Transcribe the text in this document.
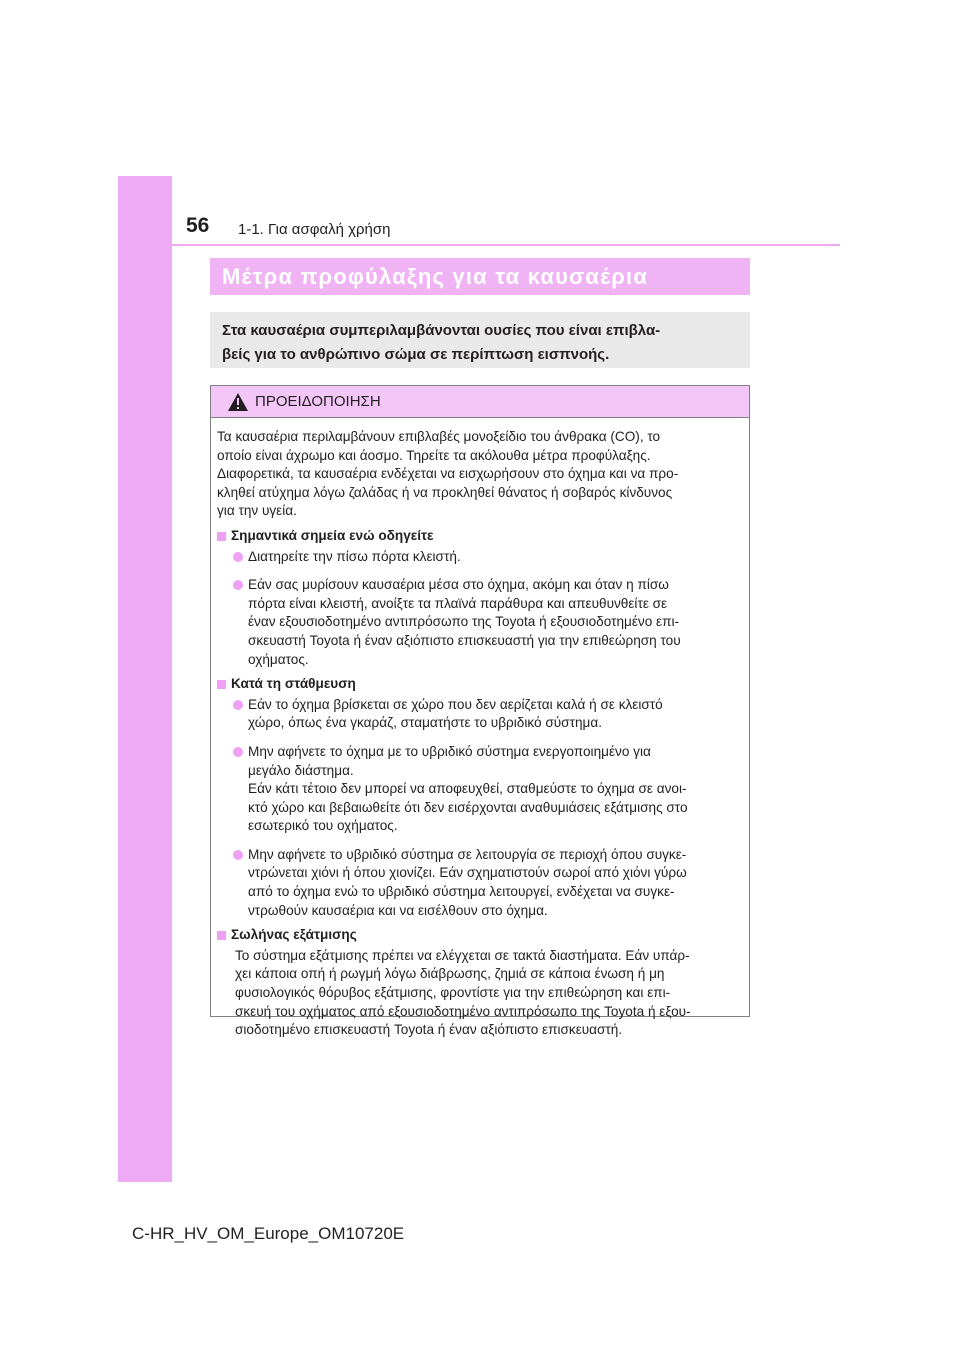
56 1-1. Για ασφαλή χρήση
Μέτρα προφύλαξης για τα καυσαέρια
Στα καυσαέρια συμπεριλαμβάνονται ουσίες που είναι επιβλα-
βείς για το ανθρώπινο σώμα σε περίπτωση εισπνοής.
ΠΡΟΕΙΔΟΠΟΙΗΣΗ

Τα καυσαέρια περιλαμβάνουν επιβλαβές μονοξείδιο του άνθρακα (CO), το
οποίο είναι άχρωμο και άοσμο. Τηρείτε τα ακόλουθα μέτρα προφύλαξης.
Διαφορετικά, τα καυσαέρια ενδέχεται να εισχωρήσουν στο όχημα και να προ-
κληθεί ατύχημα λόγω ζαλάδας ή να προκληθεί θάνατος ή σοβαρός κίνδυνος
για την υγεία.

Σημαντικά σημεία ενώ οδηγείτε
Διατηρείτε την πίσω πόρτα κλειστή.
Εάν σας μυρίσουν καυσαέρια μέσα στο όχημα, ακόμη και όταν η πίσω
πόρτα είναι κλειστή, ανοίξτε τα πλαϊνά παράθυρα και απευθυνθείτε σε
έναν εξουσιοδοτημένο αντιπρόσωπο της Toyota ή εξουσιοδοτημένο επι-
σκευαστή Toyota ή έναν αξιόπιστο επισκευαστή για την επιθεώρηση του
οχήματος.
Κατά τη στάθμευση
Εάν το όχημα βρίσκεται σε χώρο που δεν αερίζεται καλά ή σε κλειστό
χώρο, όπως ένα γκαράζ, σταματήστε το υβριδικό σύστημα.
Μην αφήνετε το όχημα με το υβριδικό σύστημα ενεργοποιημένο για
μεγάλο διάστημα.
Εάν κάτι τέτοιο δεν μπορεί να αποφευχθεί, σταθμεύστε το όχημα σε ανοι-
κτό χώρο και βεβαιωθείτε ότι δεν εισέρχονται αναθυμιάσεις εξάτμισης στο
εσωτερικό του οχήματος.
Μην αφήνετε το υβριδικό σύστημα σε λειτουργία σε περιοχή όπου συγκε-
ντρώνεται χιόνι ή όπου χιονίζει. Εάν σχηματιστούν σωροί από χιόνι γύρω
από το όχημα ενώ το υβριδικό σύστημα λειτουργεί, ενδέχεται να συγκε-
ντρωθούν καυσαέρια και να εισέλθουν στο όχημα.
Σωλήνας εξάτμισης
Το σύστημα εξάτμισης πρέπει να ελέγχεται σε τακτά διαστήματα. Εάν υπάρ-
χει κάποια οπή ή ρωγμή λόγω διάβρωσης, ζημιά σε κάποια ένωση ή μη
φυσιολογικός θόρυβος εξάτμισης, φροντίστε για την επιθεώρηση και επι-
σκευή του οχήματος από εξουσιοδοτημένο αντιπρόσωπο της Toyota ή εξου-
σιοδοτημένο επισκευαστή Toyota ή έναν αξιόπιστο επισκευαστή.
C-HR_HV_OM_Europe_OM10720E
